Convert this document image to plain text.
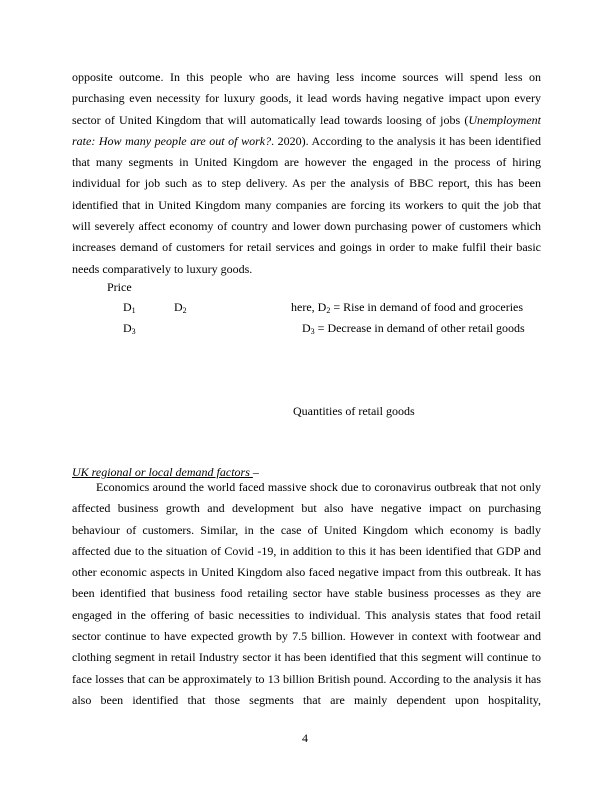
opposite outcome. In this people who are having less income sources will spend less on
purchasing even necessity for luxury goods, it lead words having negative impact upon every
sector of United Kingdom that will automatically lead towards loosing of jobs (Unemployment
rate: How many people are out of work?. 2020). According to the analysis it has been identified
that many segments in United Kingdom are however the engaged in the process of hiring
individual for job such as to step delivery. As per the analysis of BBC report, this has been
identified that in United Kingdom many companies are forcing its workers to quit the job that
will severely affect economy of country and lower down purchasing power of customers which
increases demand of customers for retail services and goings in order to make fulfil their basic
needs comparatively to luxury goods.
Price
$D_1$	$D_2$	here, $D_2$ = Rise in demand of food and groceries
$D_3$	$D_3$ = Decrease in demand of other retail goods
Quantities of retail goods
UK regional or local demand factors –
Economics around the world faced massive shock due to coronavirus outbreak that not only
affected business growth and development but also have negative impact on purchasing
behaviour of customers. Similar, in the case of United Kingdom which economy is badly
affected due to the situation of Covid -19, in addition to this it has been identified that GDP and
other economic aspects in United Kingdom also faced negative impact from this outbreak. It has
been identified that business food retailing sector have stable business processes as they are
engaged in the offering of basic necessities to individual. This analysis states that food retail
sector continue to have expected growth by 7.5 billion. However in context with footwear and
clothing segment in retail Industry sector it has been identified that this segment will continue to
face losses that can be approximately to 13 billion British pound. According to the analysis it has
also been identified that those segments that are mainly dependent upon hospitality,
4
